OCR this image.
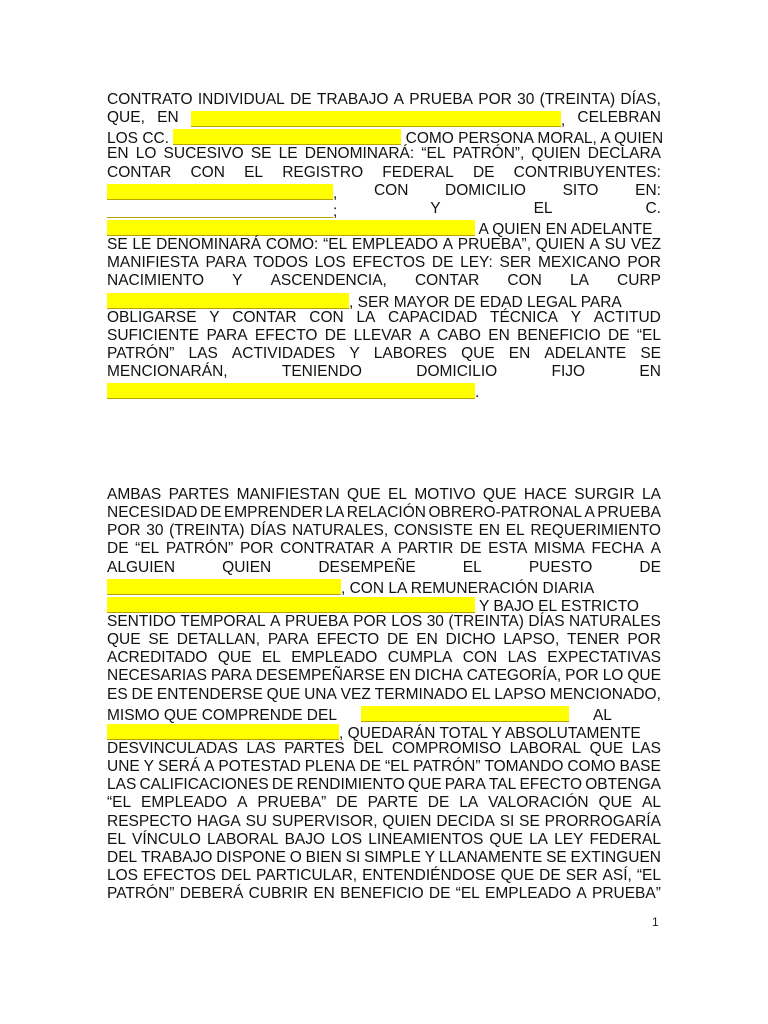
CONTRATO INDIVIDUAL DE TRABAJO A PRUEBA POR 30 (TREINTA) DÍAS,
QUE, EN	, CELEBRAN
LOS CC.	COMO PERSONA MORAL, A QUIEN
EN LO SUCESIVO SE LE DENOMINARÁ: “EL PATRÓN”, QUIEN DECLARA
CONTAR CON EL REGISTRO FEDERAL DE CONTRIBUYENTES:
, CON DOMICILIO SITO EN:
;	Y	EL	C.
A QUIEN EN ADELANTE
SE LE DENOMINARÁ COMO: “EL EMPLEADO A PRUEBA”, QUIEN A SU VEZ
MANIFIESTA PARA TODOS LOS EFECTOS DE LEY: SER MEXICANO POR
NACIMIENTO Y ASCENDENCIA, CONTAR CON LA CURP
, SER MAYOR DE EDAD LEGAL PARA
OBLIGARSE Y CONTAR CON LA CAPACIDAD TÉCNICA Y ACTITUD
SUFICIENTE PARA EFECTO DE LLEVAR A CABO EN BENEFICIO DE “EL
PATRÓN” LAS ACTIVIDADES Y LABORES QUE EN ADELANTE SE
MENCIONARÁN,	TENIENDO	DOMICILIO	FIJO	EN
.
AMBAS PARTES MANIFIESTAN QUE EL MOTIVO QUE HACE SURGIR LA
NECESIDAD DE EMPRENDER LA RELACIÓN OBRERO-PATRONAL A PRUEBA
POR 30 (TREINTA) DÍAS NATURALES, CONSISTE EN EL REQUERIMIENTO
DE “EL PATRÓN” POR CONTRATAR A PARTIR DE ESTA MISMA FECHA A
ALGUIEN	QUIEN	DESEMPEÑE	EL	PUESTO	DE
, CON LA REMUNERACIÓN DIARIA
Y BAJO EL ESTRICTO
SENTIDO TEMPORAL A PRUEBA POR LOS 30 (TREINTA) DÍAS NATURALES
QUE SE DETALLAN, PARA EFECTO DE EN DICHO LAPSO, TENER POR
ACREDITADO QUE EL EMPLEADO CUMPLA CON LAS EXPECTATIVAS
NECESARIAS PARA DESEMPEÑARSE EN DICHA CATEGORÍA, POR LO QUE
ES DE ENTENDERSE QUE UNA VEZ TERMINADO EL LAPSO MENCIONADO,
MISMO QUE COMPRENDE DEL	AL
, QUEDARÁN TOTAL Y ABSOLUTAMENTE
DESVINCULADAS LAS PARTES DEL COMPROMISO LABORAL QUE LAS
UNE Y SERÁ A POTESTAD PLENA DE “EL PATRÓN” TOMANDO COMO BASE
LAS CALIFICACIONES DE RENDIMIENTO QUE PARA TAL EFECTO OBTENGA
“EL EMPLEADO A PRUEBA” DE PARTE DE LA VALORACIÓN QUE AL
RESPECTO HAGA SU SUPERVISOR, QUIEN DECIDA SI SE PRORROGARÍA
EL VÍNCULO LABORAL BAJO LOS LINEAMIENTOS QUE LA LEY FEDERAL
DEL TRABAJO DISPONE O BIEN SI SIMPLE Y LLANAMENTE SE EXTINGUEN
LOS EFECTOS DEL PARTICULAR, ENTENDIÉNDOSE QUE DE SER ASÍ, “EL
PATRÓN” DEBERÁ CUBRIR EN BENEFICIO DE “EL EMPLEADO A PRUEBA”
1
